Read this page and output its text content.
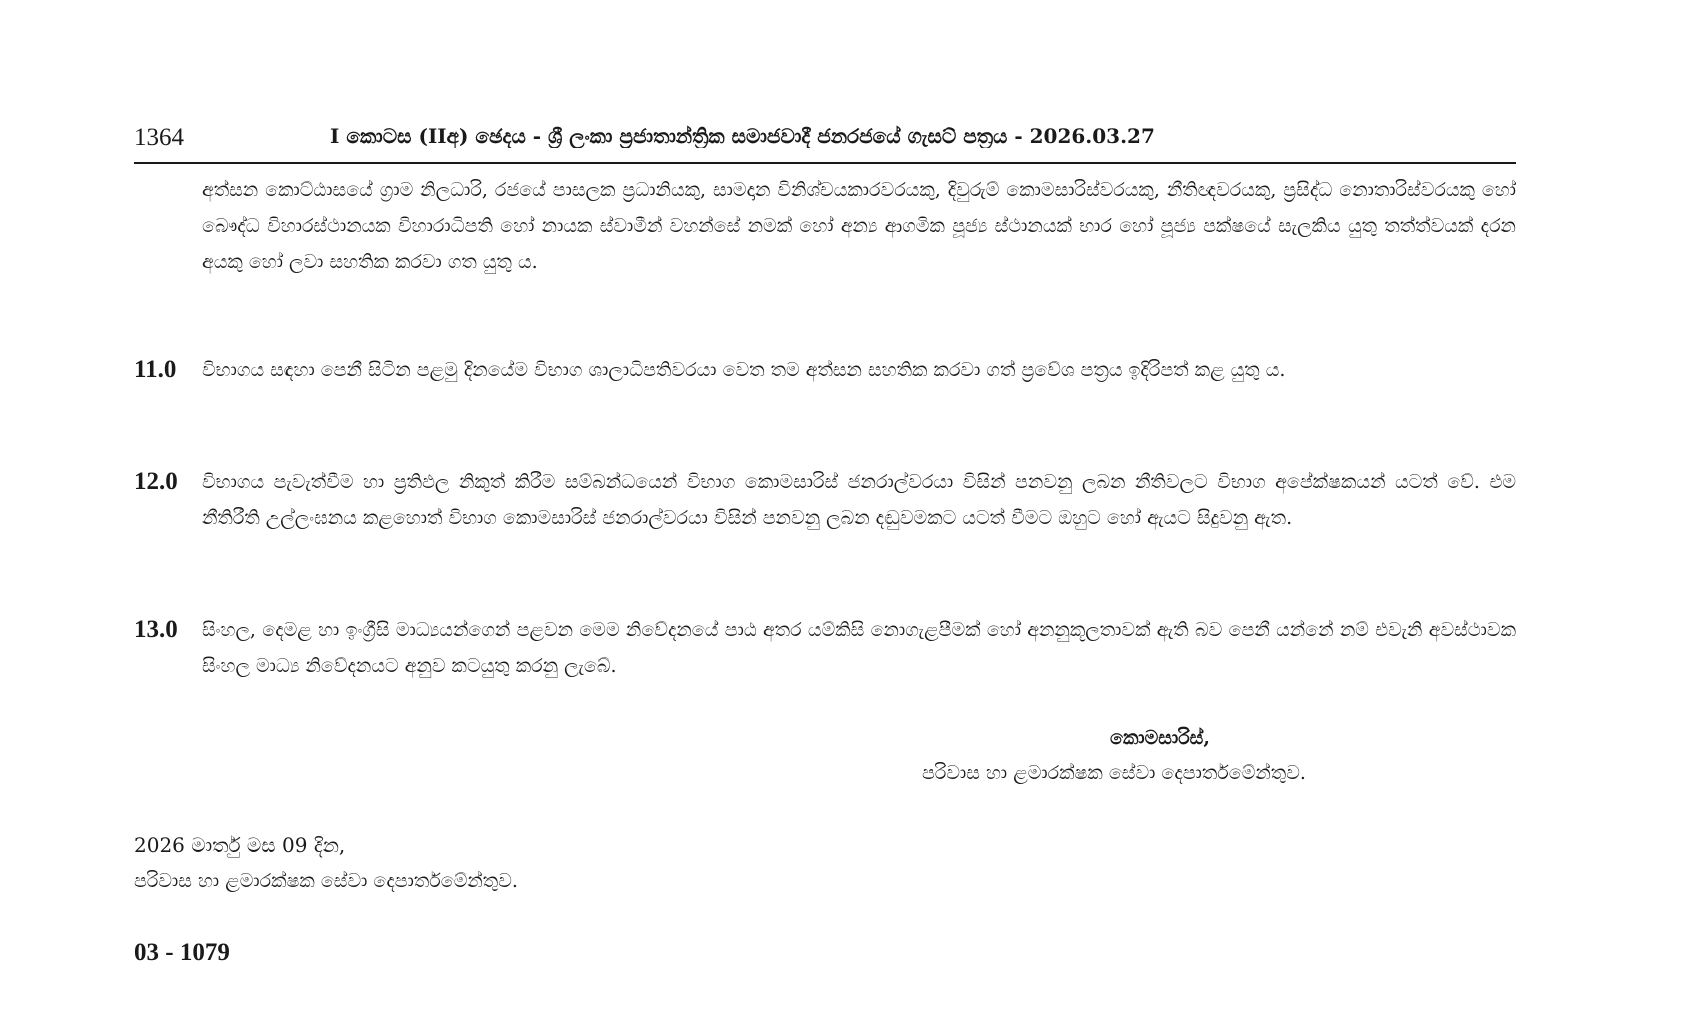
1364	I කොටස (IIඅ) ඡෙදය - ශ්‍රී ලංකා ප්‍රජාතාන්ත්‍රික සමාජවාදී ජනරජයේ ගැසට් පත්‍රය - 2026.03.27
අත්සන කොට්ඨාසයේ ග්‍රාම නිලධාරි, රජයේ පාසලක ප්‍රධානියකු, සාමදාන විනිශ්චයකාරවරයකු, දිවුරුම් කොමසාරිස්වරයකු, නීතිඥවරයකු, ප්‍රසිද්ධ නොතාරිස්වරයකු හෝ බෞද්ධ විහාරස්ථානයක විහාරාධිපති හෝ නායක ස්වාමීන් වහන්සේ නමක් හෝ අන්‍ය ආගමික පූජ්‍ය ස්ථානයක් භාර හෝ පූජ්‍ය පක්ෂයේ සැලකිය යුතු තත්ත්වයක් දරන අයකු හෝ ලවා සහතික කරවා ගත යුතු ය.
11.0 විභාගය සඳහා පෙනී සිටින පළමු දිනයේම විභාග ශාලාධිපතිවරයා වෙත තම අත්සන සහතික කරවා ගත් ප්‍රවේශ පත්‍රය ඉදිරිපත් කළ යුතු ය.
12.0 විභාගය පැවැත්වීම හා ප්‍රතිඵල නිකුත් කිරීම සම්බන්ධයෙන් විභාග කොමසාරිස් ජනරාල්වරයා විසින් පනවනු ලබන නීතිවලට විභාග අපේක්ෂකයන් යටත් වේ. එම නීතිරීති උල්ලංඝනය කළහොත් විභාග කොමසාරිස් ජනරාල්වරයා විසින් පනවනු ලබන දඬුවමකට යටත් වීමට ඔහුට හෝ ඇයට සිදුවනු ඇත.
13.0 සිංහල, දෙමළ හා ඉංග්‍රීසි මාධ්‍යයන්ගෙන් පළවන මෙම නිවේදනයේ පාඨ අතර යම්කිසි නොගැළපීමක් හෝ අනනුකූලතාවක් ඇති බව පෙනී යන්නේ නම් එවැනි අවස්ථාවක සිංහල මාධ්‍ය නිවේදනයට අනුව කටයුතු කරනු ලැබේ.
කොමසාරිස්,
පරිවාස හා ළමාරක්ෂක සේවා දෙපාර්තමේන්තුව.
2026 මාර්තු මස 09 දින,
පරිවාස හා ළමාරක්ෂක සේවා දෙපාර්තමේන්තුව.
03 - 1079
